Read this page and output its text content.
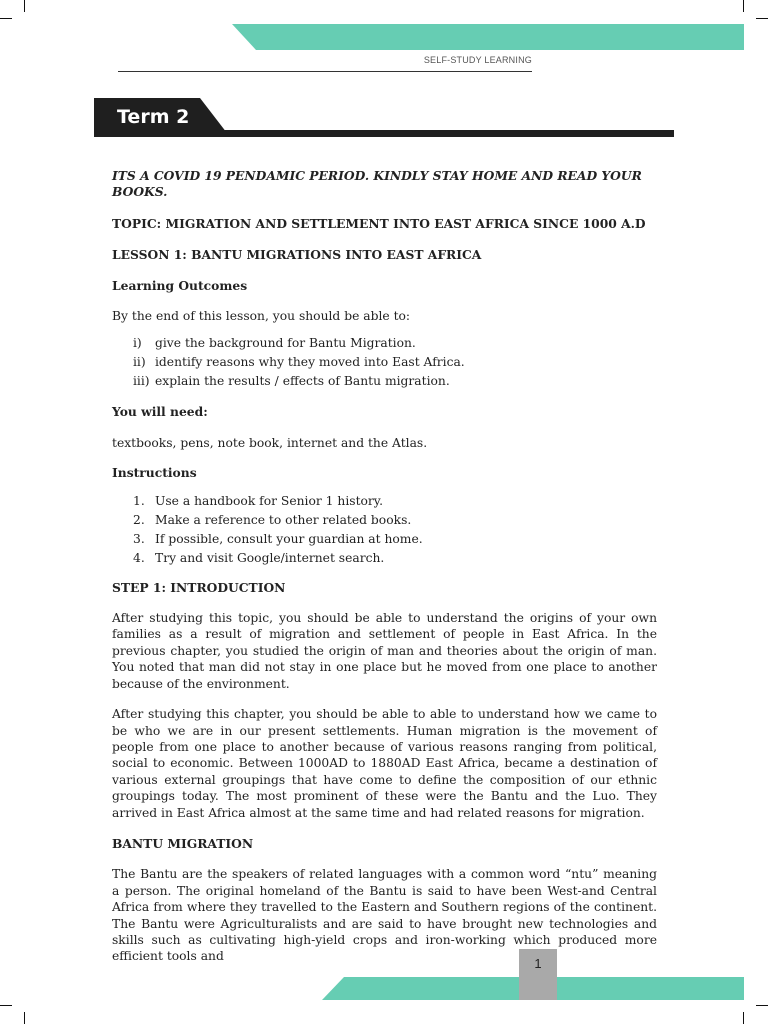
SELF-STUDY LEARNING
Term 2

ITS A COVID 19 PENDAMIC PERIOD. KINDLY STAY HOME AND READ YOUR BOOKS.

TOPIC: MIGRATION AND SETTLEMENT INTO EAST AFRICA SINCE 1000 A.D

LESSON 1: BANTU MIGRATIONS INTO EAST AFRICA

Learning Outcomes

By the end of this lesson, you should be able to:

i)	give the background for Bantu Migration.
ii) identify reasons why they moved into East Africa.
iii) explain the results / effects of Bantu migration.

You will need:

textbooks, pens, note book, internet and the Atlas.

Instructions

1. Use a handbook for Senior 1 history.
2. Make a reference to other related books.
3. If possible, consult your guardian at home.
4. Try and visit Google/internet search.

STEP 1: INTRODUCTION

After studying this topic, you should be able to understand the origins of your own families as a result of migration and settlement of people in East Africa. In the previous chapter, you studied the origin of man and theories about the origin of man. You noted that man did not stay in one place but he moved from one place to another because of the environment.

After studying this chapter, you should be able to able to understand how we came to be who we are in our present settlements. Human migration is the movement of people from one place to another because of various reasons ranging from political, social to economic. Between 1000AD to 1880AD East Africa, became a destination of various external groupings that have come to define the composition of our ethnic groupings today. The most prominent of these were the Bantu and the Luo. They arrived in East Africa almost at the same time and had related reasons for migration.

BANTU MIGRATION

The Bantu are the speakers of related languages with a common word “ntu” meaning a person. The original homeland of the Bantu is said to have been West-and Central Africa from where they travelled to the Eastern and Southern regions of the continent. The Bantu were Agriculturalists and are said to have brought new technologies and skills such as cultivating high-yield crops and iron-working which produced more efficient tools and	1
